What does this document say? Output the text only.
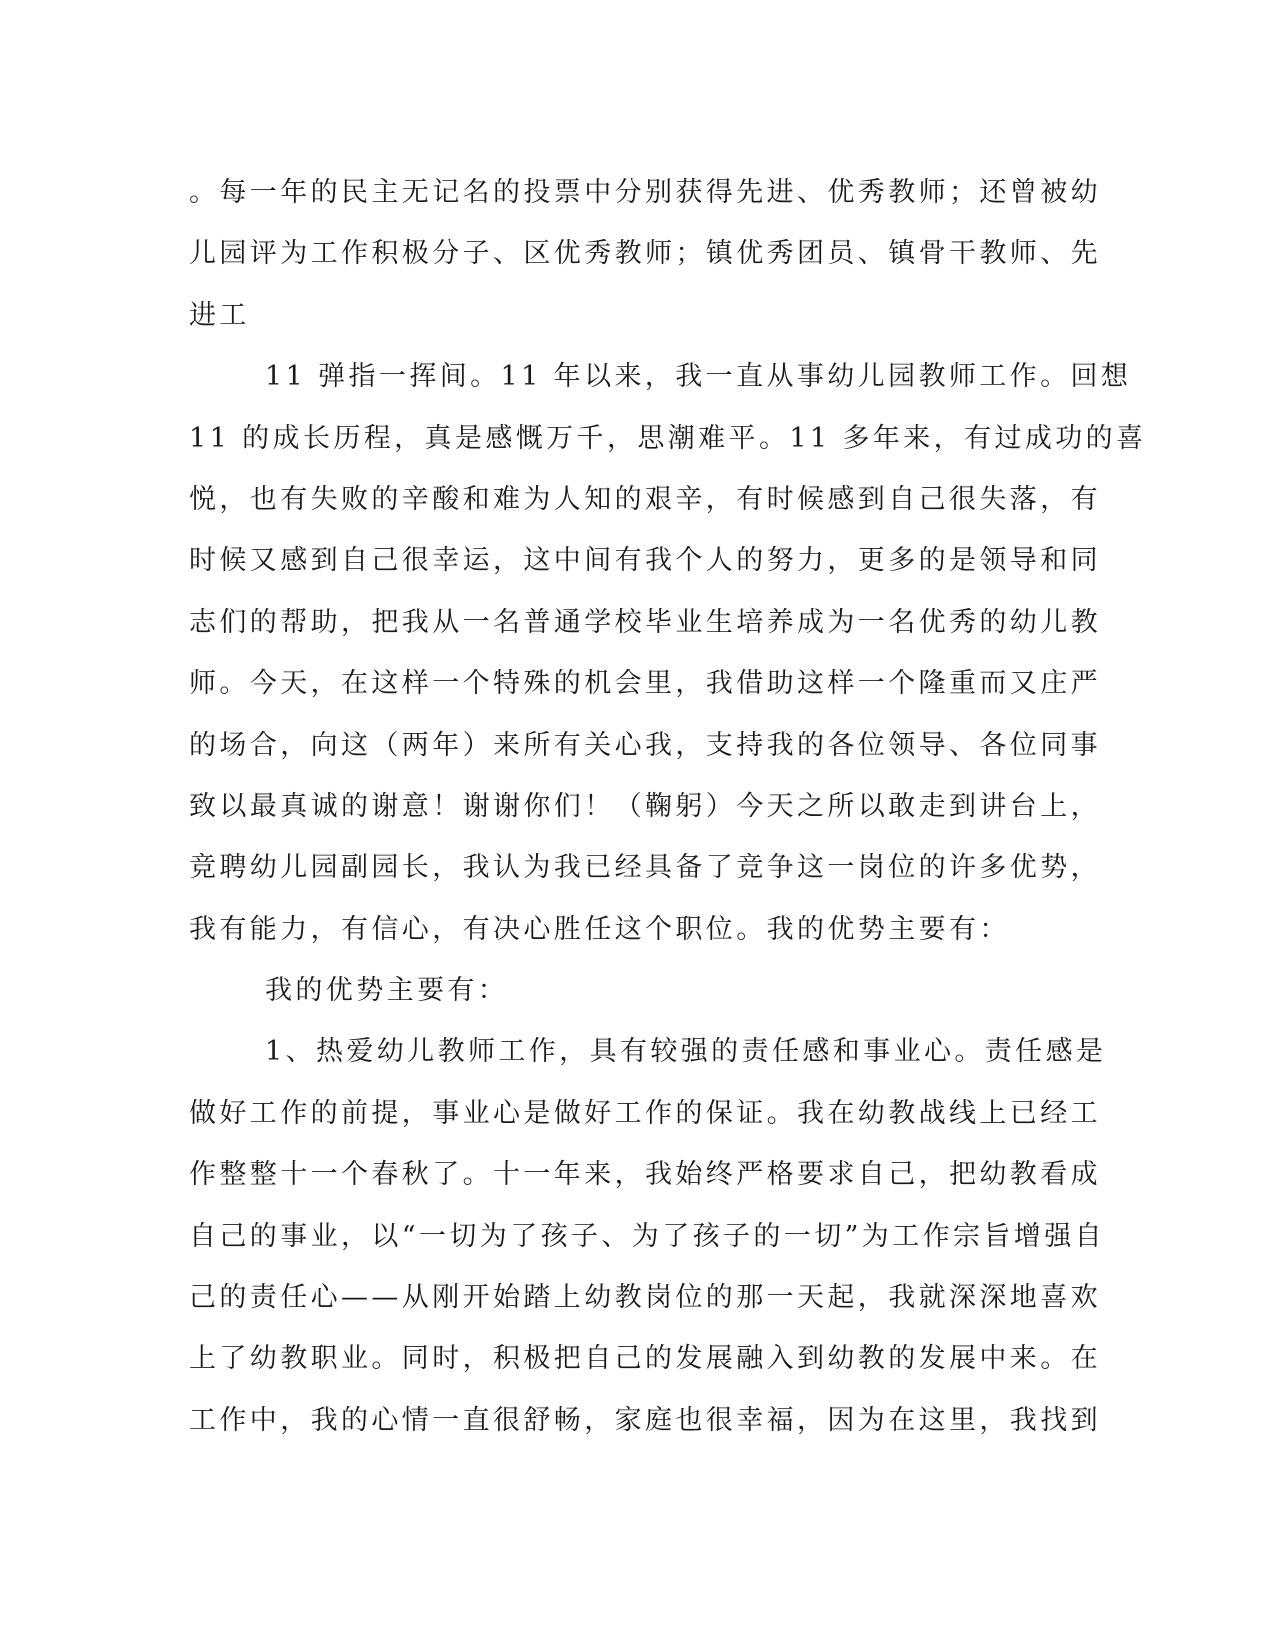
。每一年的民主无记名的投票中分别获得先进、优秀教师；还曾被幼
儿园评为工作积极分子、区优秀教师；镇优秀团员、镇骨干教师、先
进工
11 弹指一挥间。11 年以来，我一直从事幼儿园教师工作。回想
11 的成长历程，真是感慨万千，思潮难平。11 多年来，有过成功的喜
悦，也有失败的辛酸和难为人知的艰辛，有时候感到自己很失落，有
时候又感到自己很幸运，这中间有我个人的努力，更多的是领导和同
志们的帮助，把我从一名普通学校毕业生培养成为一名优秀的幼儿教
师。今天，在这样一个特殊的机会里，我借助这样一个隆重而又庄严
的场合，向这（两年）来所有关心我，支持我的各位领导、各位同事
致以最真诚的谢意！谢谢你们！（鞠躬）今天之所以敢走到讲台上，
竞聘幼儿园副园长，我认为我已经具备了竞争这一岗位的许多优势，
我有能力，有信心，有决心胜任这个职位。我的优势主要有：
我的优势主要有：
1、热爱幼儿教师工作，具有较强的责任感和事业心。责任感是
做好工作的前提，事业心是做好工作的保证。我在幼教战线上已经工
作整整十一个春秋了。十一年来，我始终严格要求自己，把幼教看成
自己的事业，以“一切为了孩子、为了孩子的一切”为工作宗旨增强自
己的责任心——从刚开始踏上幼教岗位的那一天起，我就深深地喜欢
上了幼教职业。同时，积极把自己的发展融入到幼教的发展中来。在
工作中，我的心情一直很舒畅，家庭也很幸福，因为在这里，我找到
